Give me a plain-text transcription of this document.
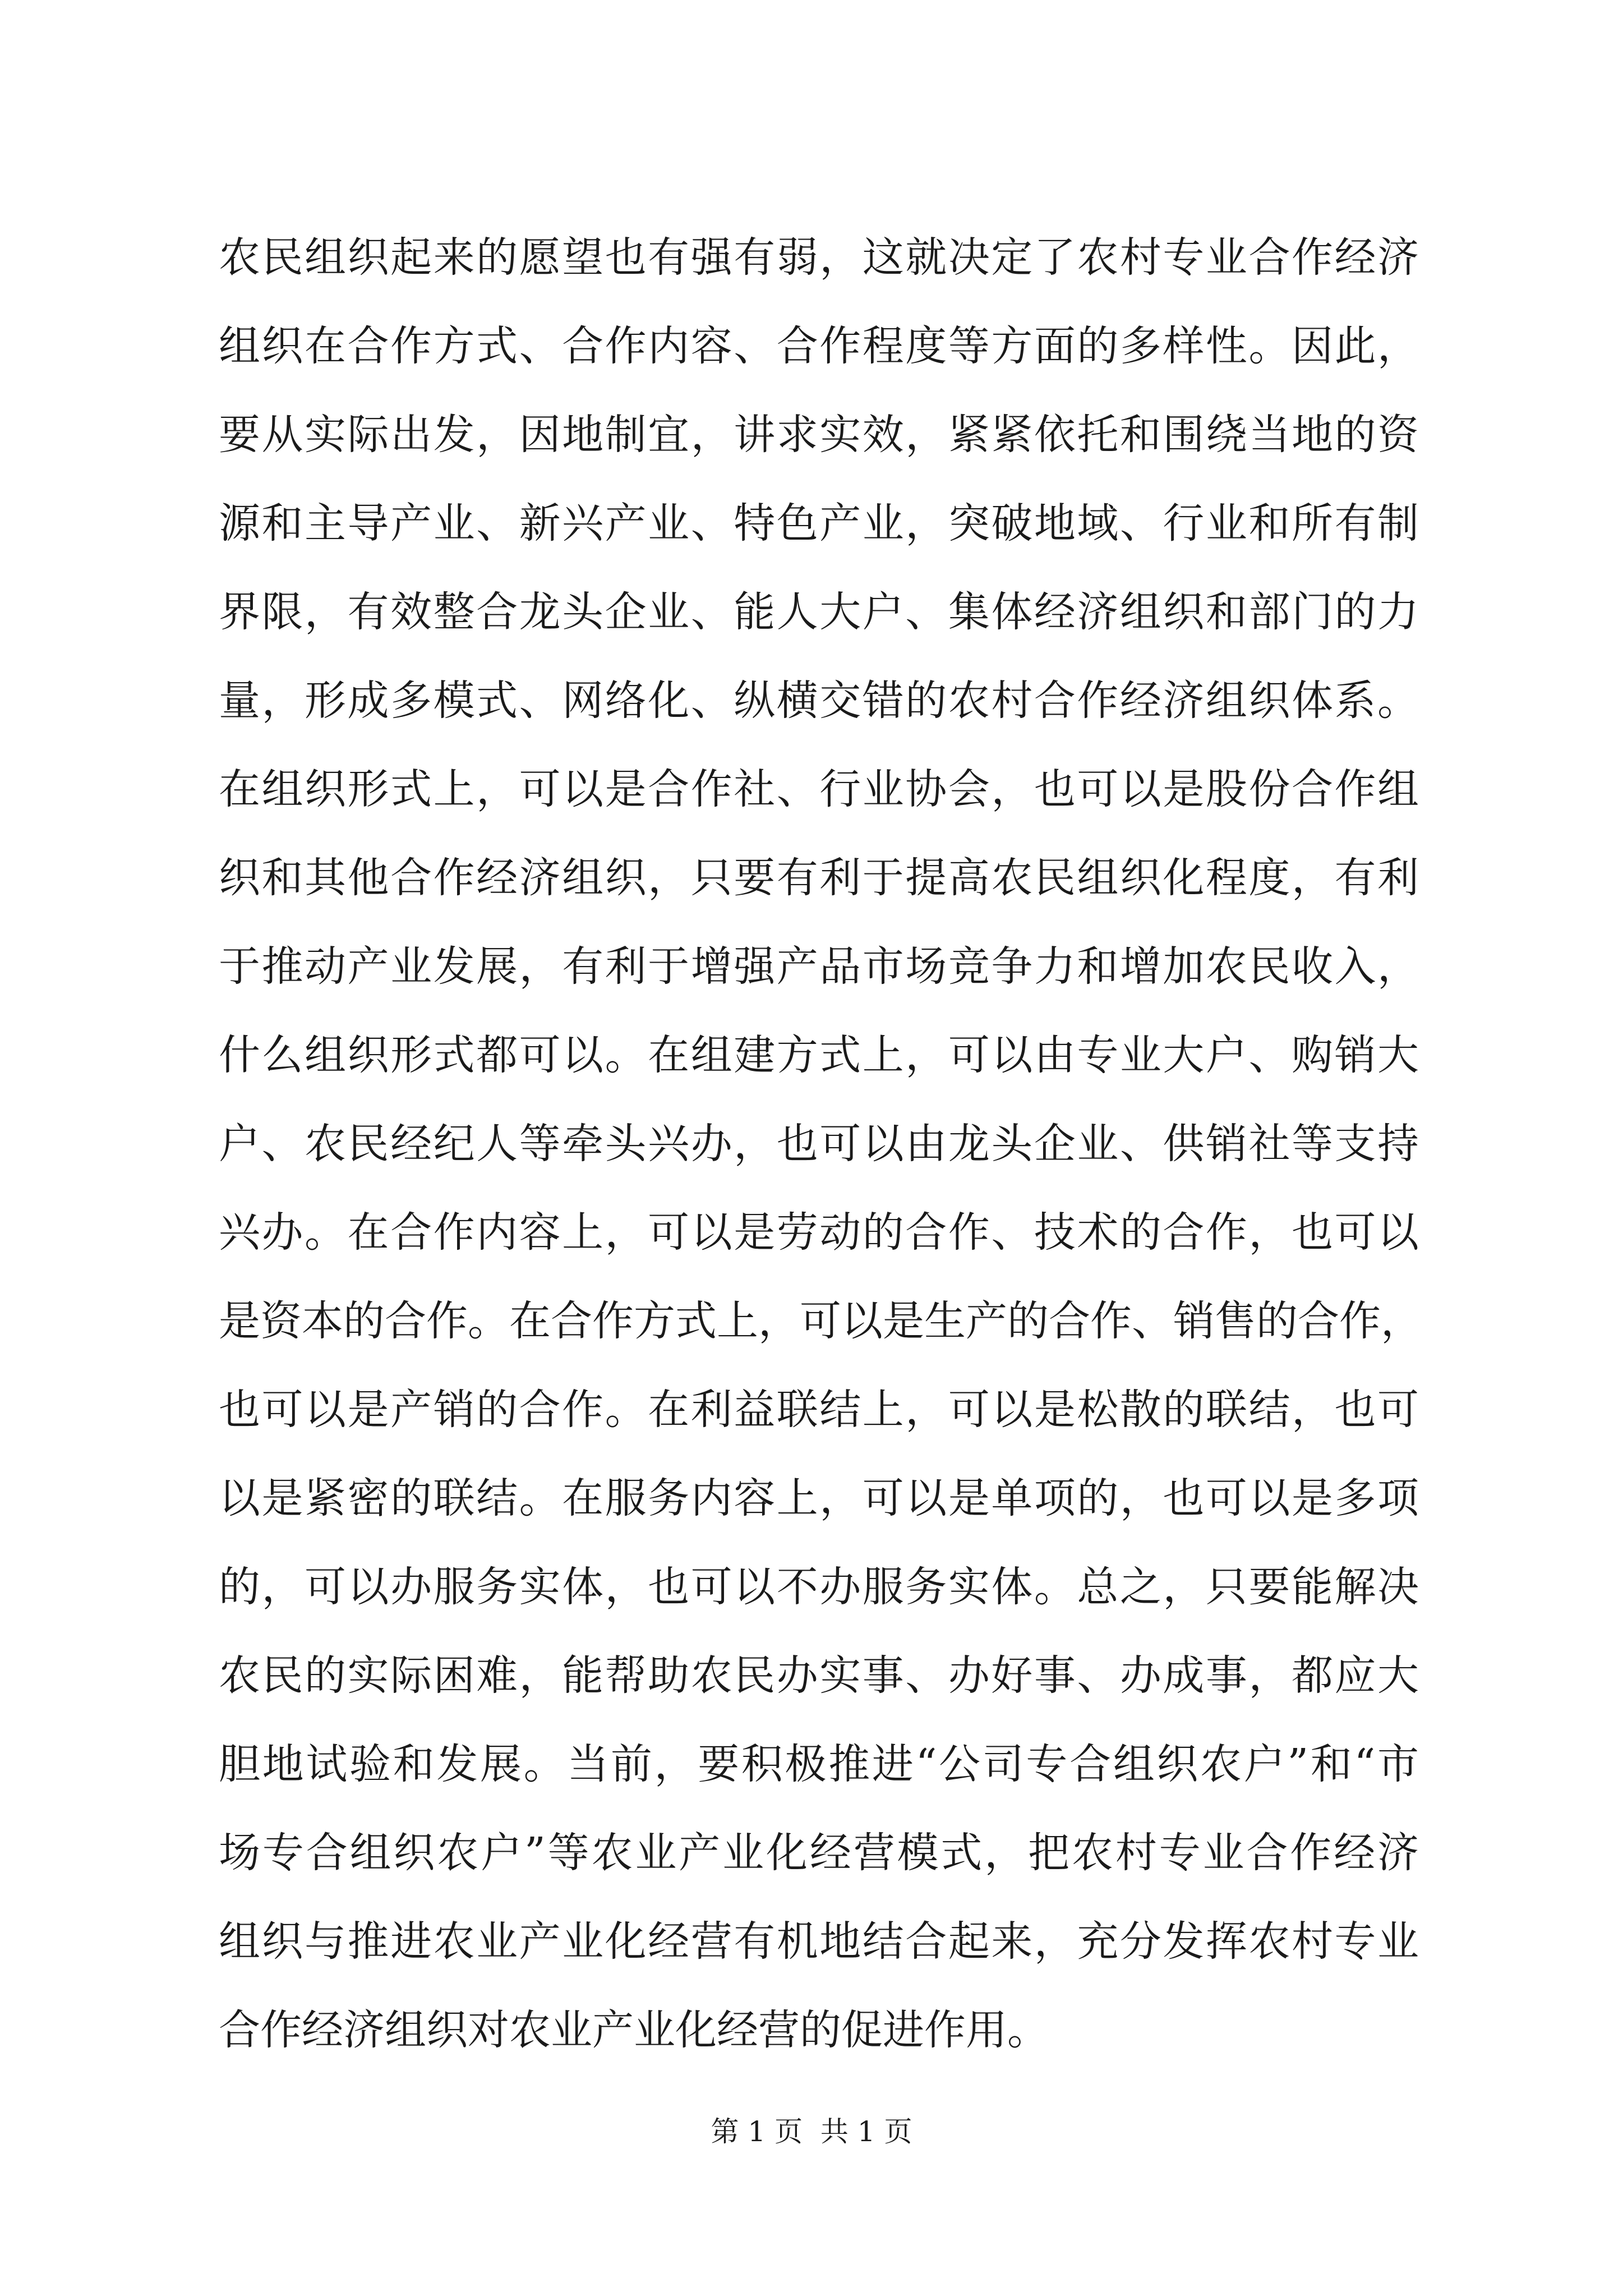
农民组织起来的愿望也有强有弱，这就决定了农村专业合作经济
组织在合作方式、合作内容、合作程度等方面的多样性。因此，
要从实际出发，因地制宜，讲求实效，紧紧依托和围绕当地的资
源和主导产业、新兴产业、特色产业，突破地域、行业和所有制
界限，有效整合龙头企业、能人大户、集体经济组织和部门的力
量，形成多模式、网络化、纵横交错的农村合作经济组织体系。
在组织形式上，可以是合作社、行业协会，也可以是股份合作组
织和其他合作经济组织，只要有利于提高农民组织化程度，有利
于推动产业发展，有利于增强产品市场竞争力和增加农民收入，
什么组织形式都可以。在组建方式上，可以由专业大户、购销大
户、农民经纪人等牵头兴办，也可以由龙头企业、供销社等支持
兴办。在合作内容上，可以是劳动的合作、技术的合作，也可以
是资本的合作。在合作方式上，可以是生产的合作、销售的合作，
也可以是产销的合作。在利益联结上，可以是松散的联结，也可
以是紧密的联结。在服务内容上，可以是单项的，也可以是多项
的，可以办服务实体，也可以不办服务实体。总之，只要能解决
农民的实际困难，能帮助农民办实事、办好事、办成事，都应大
胆地试验和发展。当前，要积极推进“公司专合组织农户”和“市
场专合组织农户”等农业产业化经营模式，把农村专业合作经济
组织与推进农业产业化经营有机地结合起来，充分发挥农村专业
合作经济组织对农业产业化经营的促进作用。
第 1 页  共 1 页
